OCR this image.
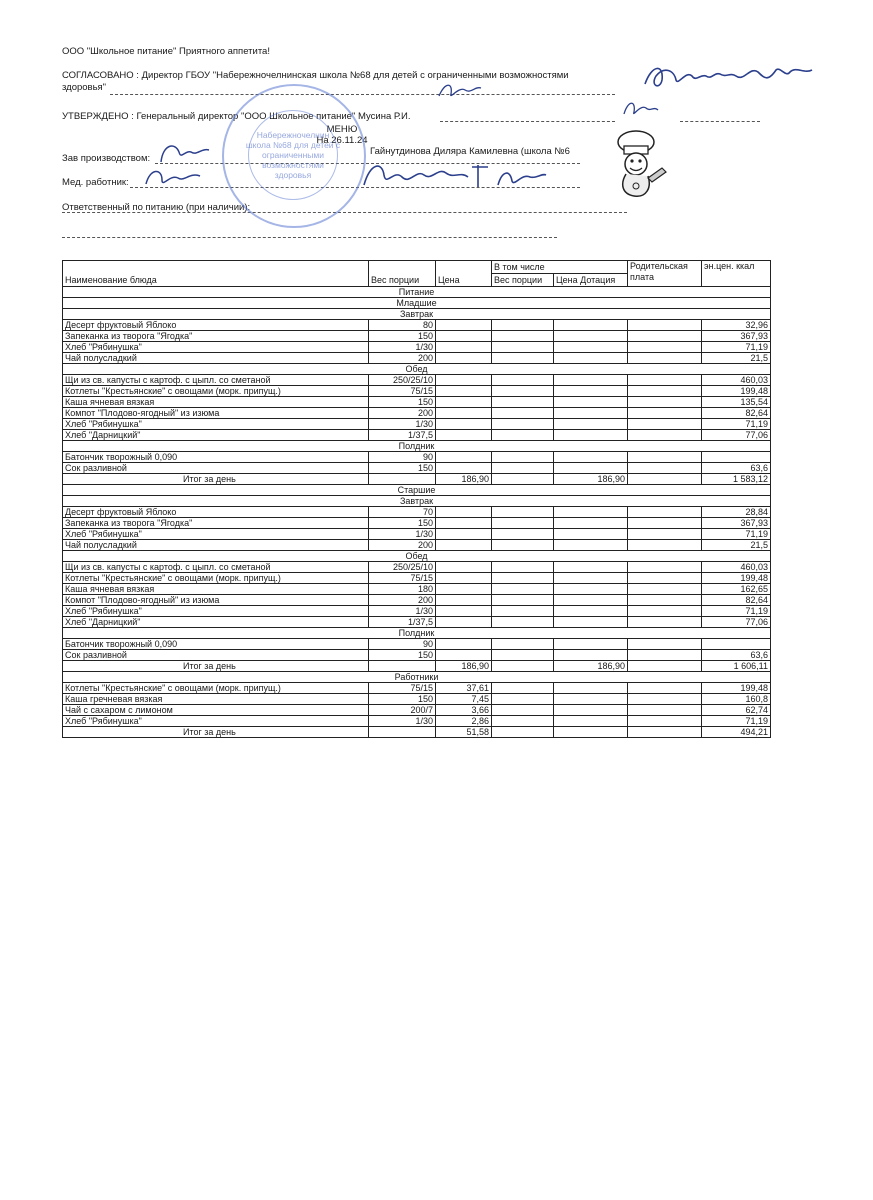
ООО "Школьное питание" Приятного аппетита!
СОГЛАСОВАНО : Директор ГБОУ "Набережночелнинская школа №68 для детей с ограниченными возможностями
здоровья"
УТВЕРЖДЕНО : Генеральный директор "ООО Школьное питание" Мусина Р.И.
МЕНЮ
На 26.11.24
Зав производством:
Гайнутдинова Диляра Камилевна (школа №6
Мед. работник:
Ответственный по питанию (при наличии):
Набережночелнин
школа №68 для детей с
ограниченными
возможностями
здоровья
Наименование блюда	Вес порции	Цена	В том числе		Родительская плата	эн.цен. ккал
			Вес порции	Цена Дотация		
Питание						
Младшие						
Завтрак						
Десерт фруктовый Яблоко	80					32,96
Запеканка из творога "Ягодка"	150					367,93
Хлеб "Рябинушка"	1/30					71,19
Чай полусладкий	200					21,5
Обед						
Щи из св. капусты с картоф. с цыпл. со сметаной	250/25/10					460,03
Котлеты "Крестьянские" с овощами (морк. припущ.)	75/15					199,48
Каша ячневая вязкая	150					135,54
Компот "Плодово-ягодный" из изюма	200					82,64
Хлеб "Рябинушка"	1/30					71,19
Хлеб "Дарницкий"	1/37,5					77,06
Полдник						
Батончик творожный 0,090	90					
Сок разливной	150					63,6
Итог за день		186,90		186,90		1 583,12
Старшие						
Завтрак						
Десерт фруктовый Яблоко	70					28,84
Запеканка из творога "Ягодка"	150					367,93
Хлеб "Рябинушка"	1/30					71,19
Чай полусладкий	200					21,5
Обед						
Щи из св. капусты с картоф. с цыпл. со сметаной	250/25/10					460,03
Котлеты "Крестьянские" с овощами (морк. припущ.)	75/15					199,48
Каша ячневая вязкая	180					162,65
Компот "Плодово-ягодный" из изюма	200					82,64
Хлеб "Рябинушка"	1/30					71,19
Хлеб "Дарницкий"	1/37,5					77,06
Полдник						
Батончик творожный 0,090	90					
Сок разливной	150					63,6
Итог за день		186,90		186,90		1 606,11
Работники						
Котлеты "Крестьянские" с овощами (морк. припущ.)	75/15	37,61				199,48
Каша гречневая вязкая	150	7,45				160,8
Чай с сахаром с лимоном	200/7	3,66				62,74
Хлеб "Рябинушка"	1/30	2,86				71,19
Итог за день		51,58				494,21
